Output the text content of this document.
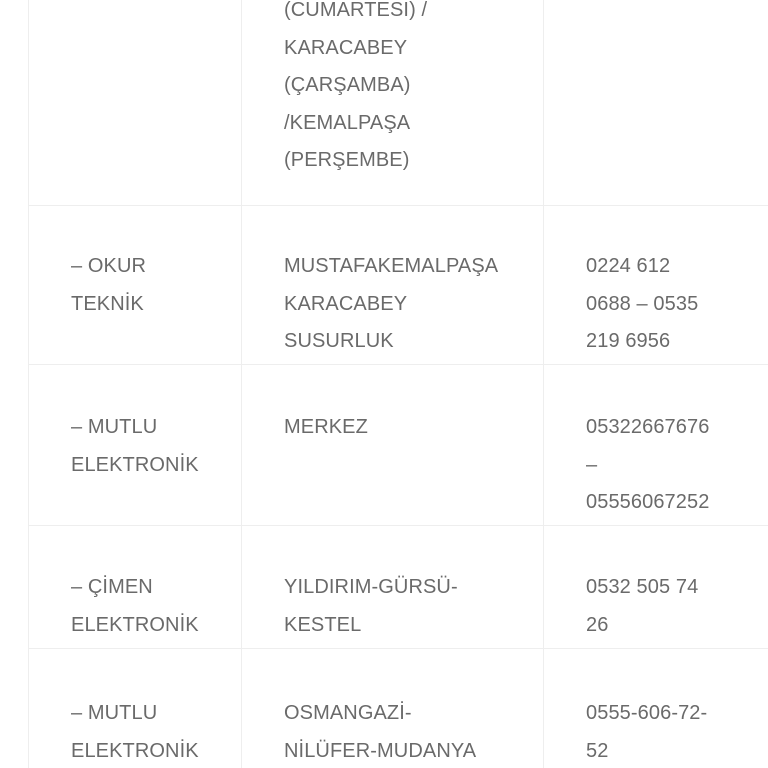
(CUMARTESİ) /
KARACABEY
(ÇARŞAMBA)
/KEMALPAŞA
(PERŞEMBE)
– OKUR
TEKNİK
MUSTAFAKEMALPAŞA
KARACABEY
SUSURLUK
0224 612
0688 – 0535
219 6956
– MUTLU
ELEKTRONİK
MERKEZ	05322667676
–
05556067252
– ÇİMEN
ELEKTRONİK
YILDIRIM-GÜRSÜ-
KESTEL
0532 505 74
26
– MUTLU
ELEKTRONİK
OSMANGAZİ-
NİLÜFER-MUDANYA
0555-606-72-
52
